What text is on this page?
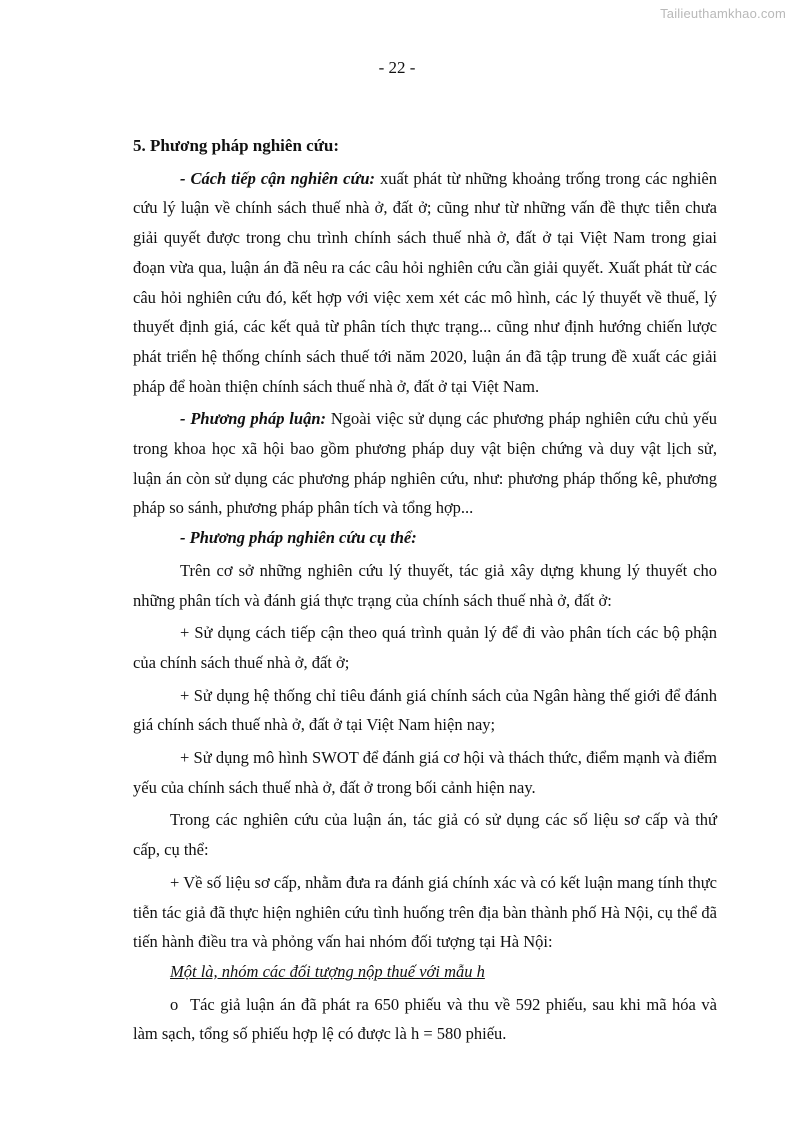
Tailieuthamkhao.com
- 22 -

5. Phương pháp nghiên cứu:

- Cách tiếp cận nghiên cứu: xuất phát từ những khoảng trống trong các nghiên cứu lý luận về chính sách thuế nhà ở, đất ở; cũng như từ những vấn đề thực tiễn chưa giải quyết được trong chu trình chính sách thuế nhà ở, đất ở tại Việt Nam trong giai đoạn vừa qua, luận án đã nêu ra các câu hỏi nghiên cứu cần giải quyết. Xuất phát từ các câu hỏi nghiên cứu đó, kết hợp với việc xem xét các mô hình, các lý thuyết về thuế, lý thuyết định giá, các kết quả từ phân tích thực trạng... cũng như định hướng chiến lược phát triển hệ thống chính sách thuế tới năm 2020, luận án đã tập trung đề xuất các giải pháp để hoàn thiện chính sách thuế nhà ở, đất ở tại Việt Nam.

- Phương pháp luận: Ngoài việc sử dụng các phương pháp nghiên cứu chủ yếu trong khoa học xã hội bao gồm phương pháp duy vật biện chứng và duy vật lịch sử, luận án còn sử dụng các phương pháp nghiên cứu, như: phương pháp thống kê, phương pháp so sánh, phương pháp phân tích và tổng hợp...

- Phương pháp nghiên cứu cụ thể:

Trên cơ sở những nghiên cứu lý thuyết, tác giả xây dựng khung lý thuyết cho những phân tích và đánh giá thực trạng của chính sách thuế nhà ở, đất ở:

+ Sử dụng cách tiếp cận theo quá trình quản lý để đi vào phân tích các bộ phận của chính sách thuế nhà ở, đất ở;

+ Sử dụng hệ thống chỉ tiêu đánh giá chính sách của Ngân hàng thế giới để đánh giá chính sách thuế nhà ở, đất ở tại Việt Nam hiện nay;

+ Sử dụng mô hình SWOT để đánh giá cơ hội và thách thức, điểm mạnh và điểm yếu của chính sách thuế nhà ở, đất ở trong bối cảnh hiện nay.

Trong các nghiên cứu của luận án, tác giả có sử dụng các số liệu sơ cấp và thứ cấp, cụ thể:

+ Về số liệu sơ cấp, nhằm đưa ra đánh giá chính xác và có kết luận mang tính thực tiễn tác giả đã thực hiện nghiên cứu tình huống trên địa bàn thành phố Hà Nội, cụ thể đã tiến hành điều tra và phỏng vấn hai nhóm đối tượng tại Hà Nội:

Một là, nhóm các đối tượng nộp thuế với mẫu h

o Tác giả luận án đã phát ra 650 phiếu và thu về 592 phiếu, sau khi mã hóa và làm sạch, tổng số phiếu hợp lệ có được là h = 580 phiếu.
